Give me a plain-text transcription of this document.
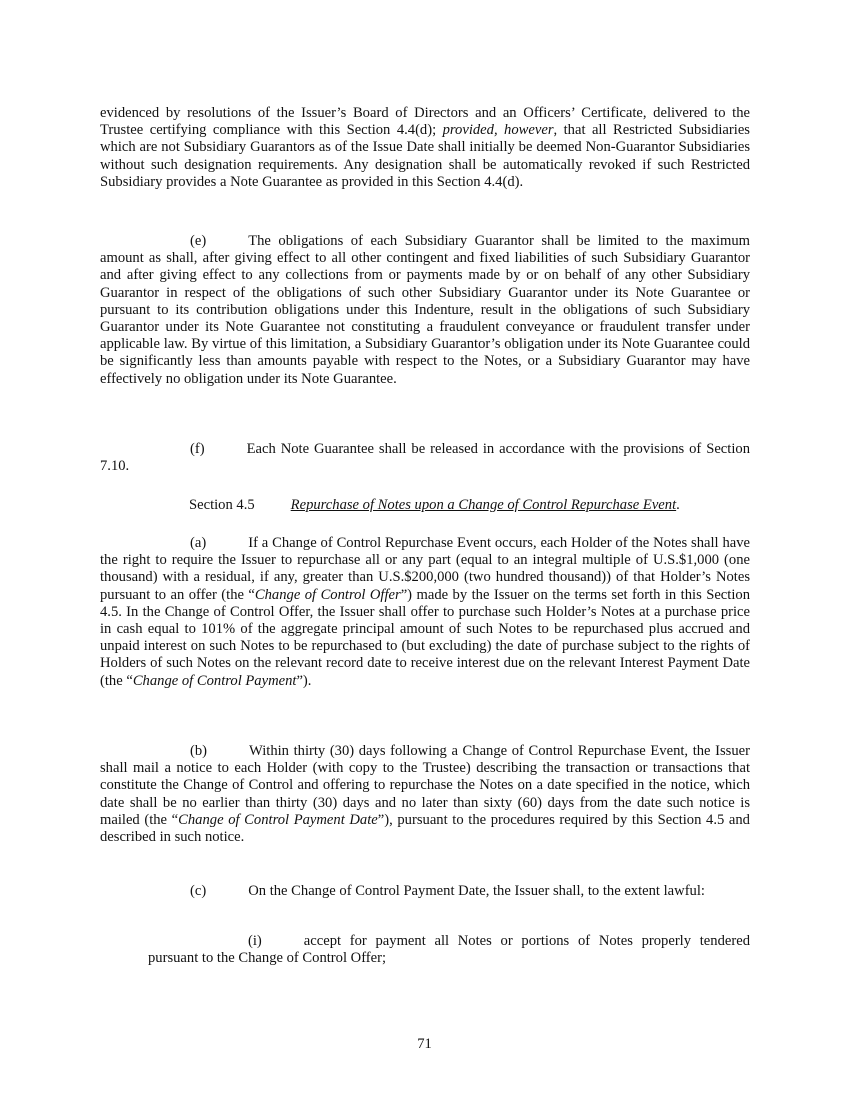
evidenced by resolutions of the Issuer’s Board of Directors and an Officers’ Certificate, delivered to the Trustee certifying compliance with this Section 4.4(d); provided, however, that all Restricted Subsidiaries which are not Subsidiary Guarantors as of the Issue Date shall initially be deemed Non-Guarantor Subsidiaries without such designation requirements. Any designation shall be automatically revoked if such Restricted Subsidiary provides a Note Guarantee as provided in this Section 4.4(d).

(e)	The obligations of each Subsidiary Guarantor shall be limited to the maximum amount as shall, after giving effect to all other contingent and fixed liabilities of such Subsidiary Guarantor and after giving effect to any collections from or payments made by or on behalf of any other Subsidiary Guarantor in respect of the obligations of such other Subsidiary Guarantor under its Note Guarantee or pursuant to its contribution obligations under this Indenture, result in the obligations of such Subsidiary Guarantor under its Note Guarantee not constituting a fraudulent conveyance or fraudulent transfer under applicable law. By virtue of this limitation, a Subsidiary Guarantor’s obligation under its Note Guarantee could be significantly less than amounts payable with respect to the Notes, or a Subsidiary Guarantor may have effectively no obligation under its Note Guarantee.

(f)	Each Note Guarantee shall be released in accordance with the provisions of Section 7.10.

Section 4.5 Repurchase of Notes upon a Change of Control Repurchase Event.

(a)	If a Change of Control Repurchase Event occurs, each Holder of the Notes shall have the right to require the Issuer to repurchase all or any part (equal to an integral multiple of U.S.$1,000 (one thousand) with a residual, if any, greater than U.S.$200,000 (two hundred thousand)) of that Holder’s Notes pursuant to an offer (the “Change of Control Offer”) made by the Issuer on the terms set forth in this Section 4.5. In the Change of Control Offer, the Issuer shall offer to purchase such Holder’s Notes at a purchase price in cash equal to 101% of the aggregate principal amount of such Notes to be repurchased plus accrued and unpaid interest on such Notes to be repurchased to (but excluding) the date of purchase subject to the rights of Holders of such Notes on the relevant record date to receive interest due on the relevant Interest Payment Date (the “Change of Control Payment”).

(b)	Within thirty (30) days following a Change of Control Repurchase Event, the Issuer shall mail a notice to each Holder (with copy to the Trustee) describing the transaction or transactions that constitute the Change of Control and offering to repurchase the Notes on a date specified in the notice, which date shall be no earlier than thirty (30) days and no later than sixty (60) days from the date such notice is mailed (the “Change of Control Payment Date”), pursuant to the procedures required by this Section 4.5 and described in such notice.

(c)	On the Change of Control Payment Date, the Issuer shall, to the extent lawful:

(i)	accept for payment all Notes or portions of Notes properly tendered pursuant to the Change of Control Offer;

71
